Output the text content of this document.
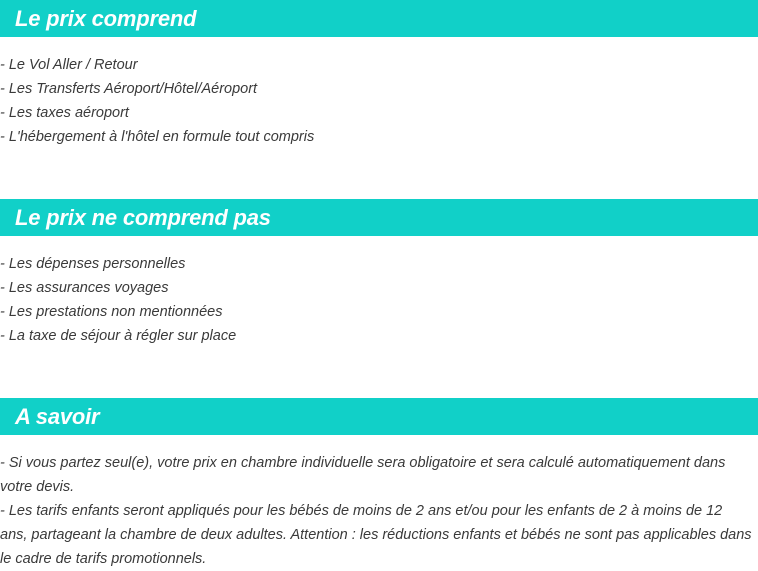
Le prix comprend
- Le Vol Aller / Retour
- Les Transferts Aéroport/Hôtel/Aéroport
- Les taxes aéroport
- L'hébergement à l'hôtel en formule tout compris
Le prix ne comprend pas
- Les dépenses personnelles
- Les assurances voyages
- Les prestations non mentionnées
- La taxe de séjour à régler sur place
A savoir
- Si vous partez seul(e), votre prix en chambre individuelle sera obligatoire et sera calculé automatiquement dans votre devis.
- Les tarifs enfants seront appliqués pour les bébés de moins de 2 ans et/ou pour les enfants de 2 à moins de 12 ans, partageant la chambre de deux adultes. Attention : les réductions enfants et bébés ne sont pas applicables dans le cadre de tarifs promotionnels.
